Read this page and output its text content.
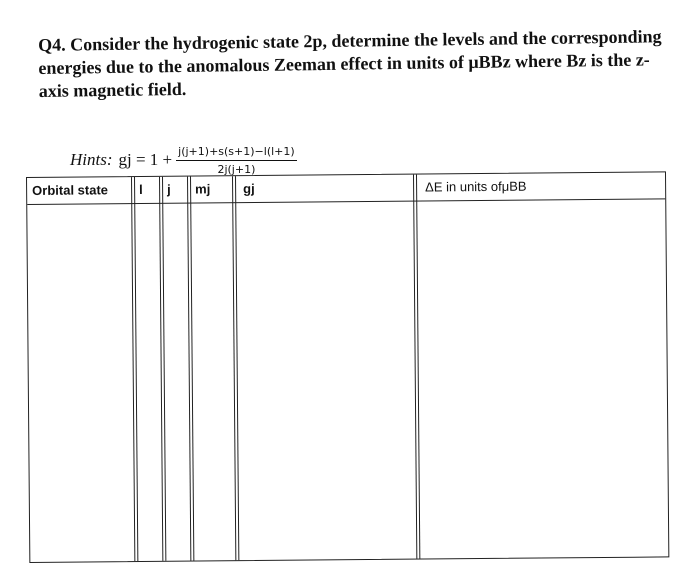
Q4. Consider the hydrogenic state 2p, determine the levels and the corresponding

energies due to the anomalous Zeeman effect in units of μBBz where Bz is the z-

axis magnetic field.

Hints: gj = $1 + \frac{j(j+1)+s(s+1)-l(l+1)}{2j(j+1)}$
Orbital state l j mj	gj	ΔE in units ofμBB
